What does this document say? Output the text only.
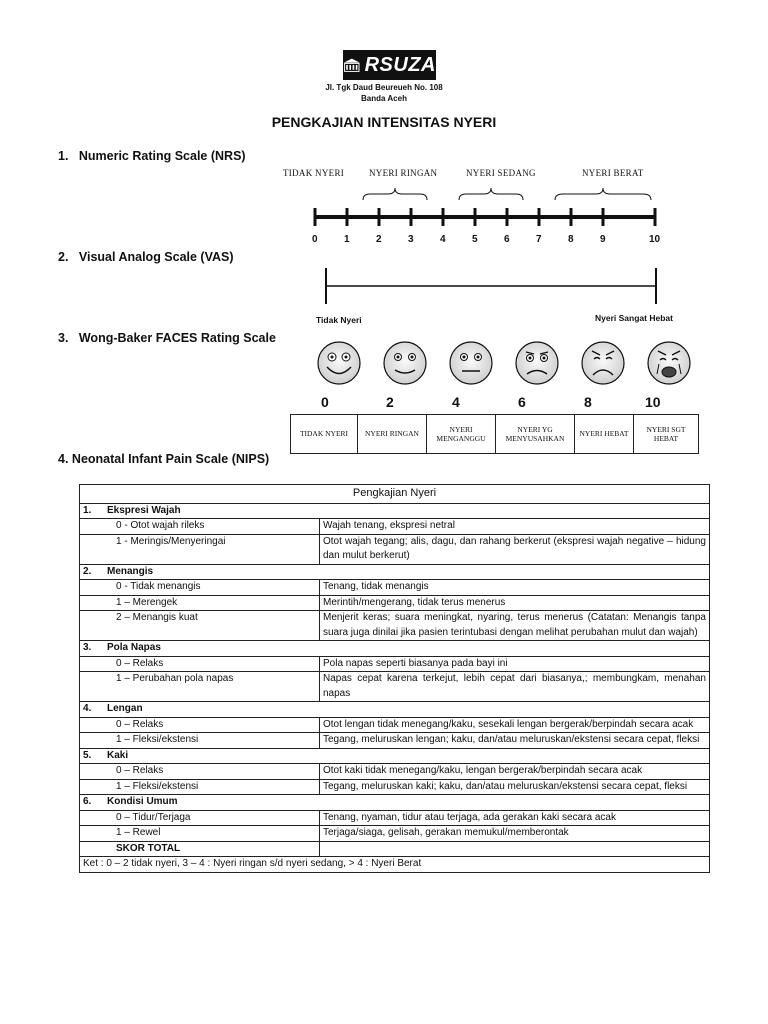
RSUZA
Jl. Tgk Daud Beureueh No. 108
Banda Aceh
PENGKAJIAN INTENSITAS NYERI
1. Numeric Rating Scale (NRS)
2. Visual Analog Scale (VAS)
3. Wong-Baker FACES Rating Scale
4. Neonatal Infant Pain Scale (NIPS)
TIDAK NYERI	NYERI RINGAN	NYERI SEDANG	NYERI BERAT
0	1	2	3	4	5	6	7	8	9	10
Tidak Nyeri	Nyeri Sangat Hebat
0	2	4	6	8	10
TIDAK NYERI	NYERI RINGAN
NYERI MENGANGGU
NYERI YG MENYUSAHKAN
NYERI HEBAT
NYERI SGT HEBAT
Pengkajian Nyeri	
1. Ekspresi Wajah	
0 - Otot wajah rileks	Wajah tenang, ekspresi netral
1 - Meringis/Menyeringai	Otot wajah tegang; alis, dagu, dan rahang berkerut (ekspresi wajah negative – hidung dan mulut berkerut)
2. Menangis	
0 - Tidak menangis	Tenang, tidak menangis
1 – Merengek	Merintih/mengerang, tidak terus menerus
2 – Menangis kuat	Menjerit keras; suara meningkat, nyaring, terus menerus (Catatan: Menangis tanpa suara juga dinilai jika pasien terintubasi dengan melihat perubahan mulut dan wajah)
3. Pola Napas	
0 – Relaks	Pola napas seperti biasanya pada bayi ini
1 – Perubahan pola napas	Napas cepat karena terkejut, lebih cepat dari biasanya,; membungkam, menahan napas
4. Lengan	
0 – Relaks	Otot lengan tidak menegang/kaku, sesekali lengan bergerak/berpindah secara acak
1 – Fleksi/ekstensi	Tegang, meluruskan lengan; kaku, dan/atau meluruskan/ekstensi secara cepat, fleksi
5. Kaki	
0 – Relaks	Otot kaki tidak menegang/kaku, lengan bergerak/berpindah secara acak
1 – Fleksi/ekstensi	Tegang, meluruskan kaki; kaku, dan/atau meluruskan/ekstensi secara cepat, fleksi
6. Kondisi Umum	
0 – Tidur/Terjaga	Tenang, nyaman, tidur atau terjaga, ada gerakan kaki secara acak
1 – Rewel	Terjaga/siaga, gelisah, gerakan memukul/memberontak
SKOR TOTAL	
Ket : 0 – 2 tidak nyeri, 3 – 4 : Nyeri ringan s/d nyeri sedang, > 4 : Nyeri Berat	
